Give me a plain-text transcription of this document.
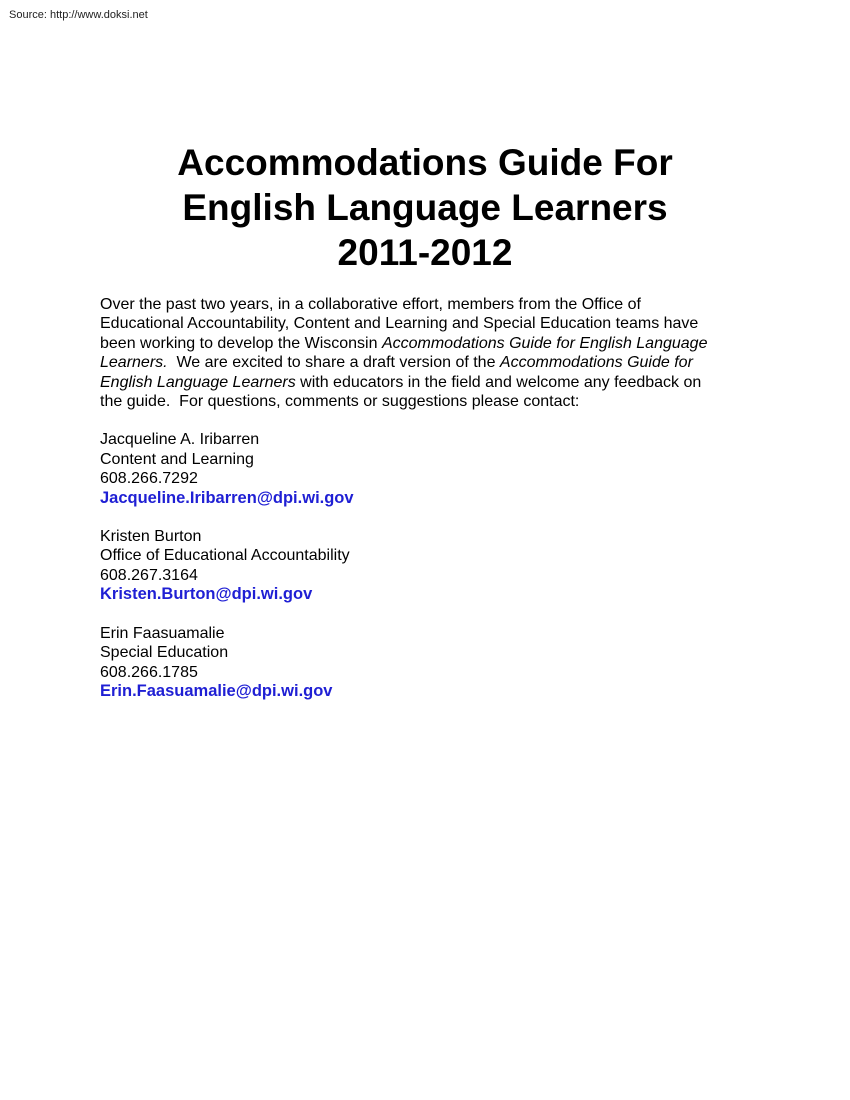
Source: http://www.doksi.net
Accommodations Guide For
English Language Learners
2011-2012

Over the past two years, in a collaborative effort, members from the Office of
Educational Accountability, Content and Learning and Special Education teams have
been working to develop the Wisconsin Accommodations Guide for English Language
Learners.  We are excited to share a draft version of the Accommodations Guide for
English Language Learners with educators in the field and welcome any feedback on
the guide.  For questions, comments or suggestions please contact:

Jacqueline A. Iribarren
Content and Learning
608.266.7292
Jacqueline.Iribarren@dpi.wi.gov
Kristen Burton
Office of Educational Accountability
608.267.3164
Kristen.Burton@dpi.wi.gov
Erin Faasuamalie
Special Education
608.266.1785
Erin.Faasuamalie@dpi.wi.gov
